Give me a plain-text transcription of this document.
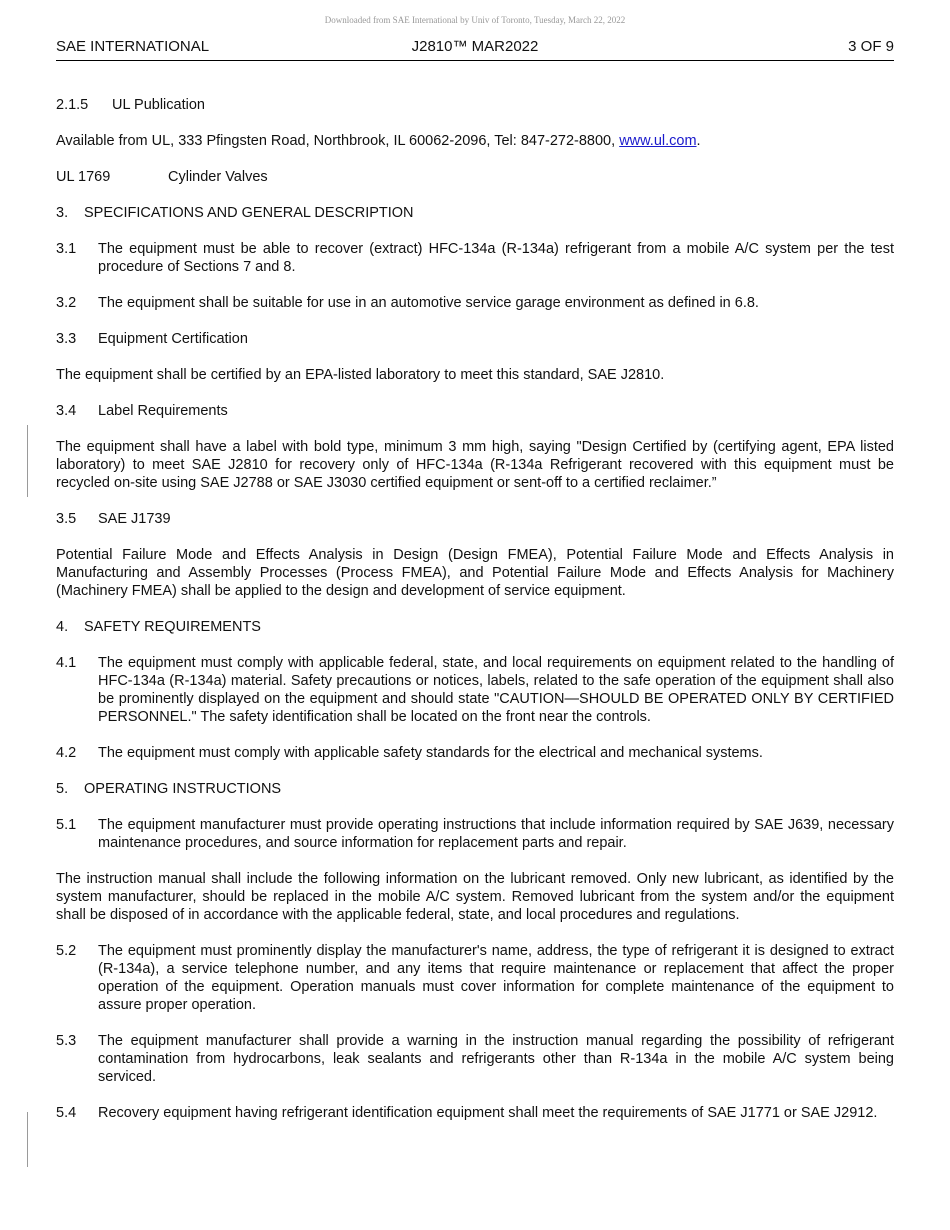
Downloaded from SAE International by Univ of Toronto, Tuesday, March 22, 2022
SAE INTERNATIONAL	J2810™ MAR2022	3 OF 9
2.1.5 UL Publication
Available from UL, 333 Pfingsten Road, Northbrook, IL 60062-2096, Tel: 847-272-8800, www.ul.com.
UL 1769	Cylinder Valves
3. SPECIFICATIONS AND GENERAL DESCRIPTION
3.1	The equipment must be able to recover (extract) HFC-134a (R-134a) refrigerant from a mobile A/C system per the test procedure of Sections 7 and 8.
3.2	The equipment shall be suitable for use in an automotive service garage environment as defined in 6.8.
3.3	Equipment Certification
The equipment shall be certified by an EPA-listed laboratory to meet this standard, SAE J2810.
3.4	Label Requirements
The equipment shall have a label with bold type, minimum 3 mm high, saying "Design Certified by (certifying agent, EPA listed laboratory) to meet SAE J2810 for recovery only of HFC-134a (R-134a Refrigerant recovered with this equipment must be recycled on-site using SAE J2788 or SAE J3030 certified equipment or sent-off to a certified reclaimer.”
3.5	SAE J1739
Potential Failure Mode and Effects Analysis in Design (Design FMEA), Potential Failure Mode and Effects Analysis in Manufacturing and Assembly Processes (Process FMEA), and Potential Failure Mode and Effects Analysis for Machinery (Machinery FMEA) shall be applied to the design and development of service equipment.
4. SAFETY REQUIREMENTS
4.1	The equipment must comply with applicable federal, state, and local requirements on equipment related to the handling of HFC-134a (R-134a) material. Safety precautions or notices, labels, related to the safe operation of the equipment shall also be prominently displayed on the equipment and should state "CAUTION—SHOULD BE OPERATED ONLY BY CERTIFIED PERSONNEL." The safety identification shall be located on the front near the controls.
4.2	The equipment must comply with applicable safety standards for the electrical and mechanical systems.
5. OPERATING INSTRUCTIONS
5.1	The equipment manufacturer must provide operating instructions that include information required by SAE J639, necessary maintenance procedures, and source information for replacement parts and repair.
The instruction manual shall include the following information on the lubricant removed. Only new lubricant, as identified by the system manufacturer, should be replaced in the mobile A/C system. Removed lubricant from the system and/or the equipment shall be disposed of in accordance with the applicable federal, state, and local procedures and regulations.
5.2	The equipment must prominently display the manufacturer's name, address, the type of refrigerant it is designed to extract (R-134a), a service telephone number, and any items that require maintenance or replacement that affect the proper operation of the equipment. Operation manuals must cover information for complete maintenance of the equipment to assure proper operation.
5.3	The equipment manufacturer shall provide a warning in the instruction manual regarding the possibility of refrigerant contamination from hydrocarbons, leak sealants and refrigerants other than R-134a in the mobile A/C system being serviced.
5.4	Recovery equipment having refrigerant identification equipment shall meet the requirements of SAE J1771 or SAE J2912.
